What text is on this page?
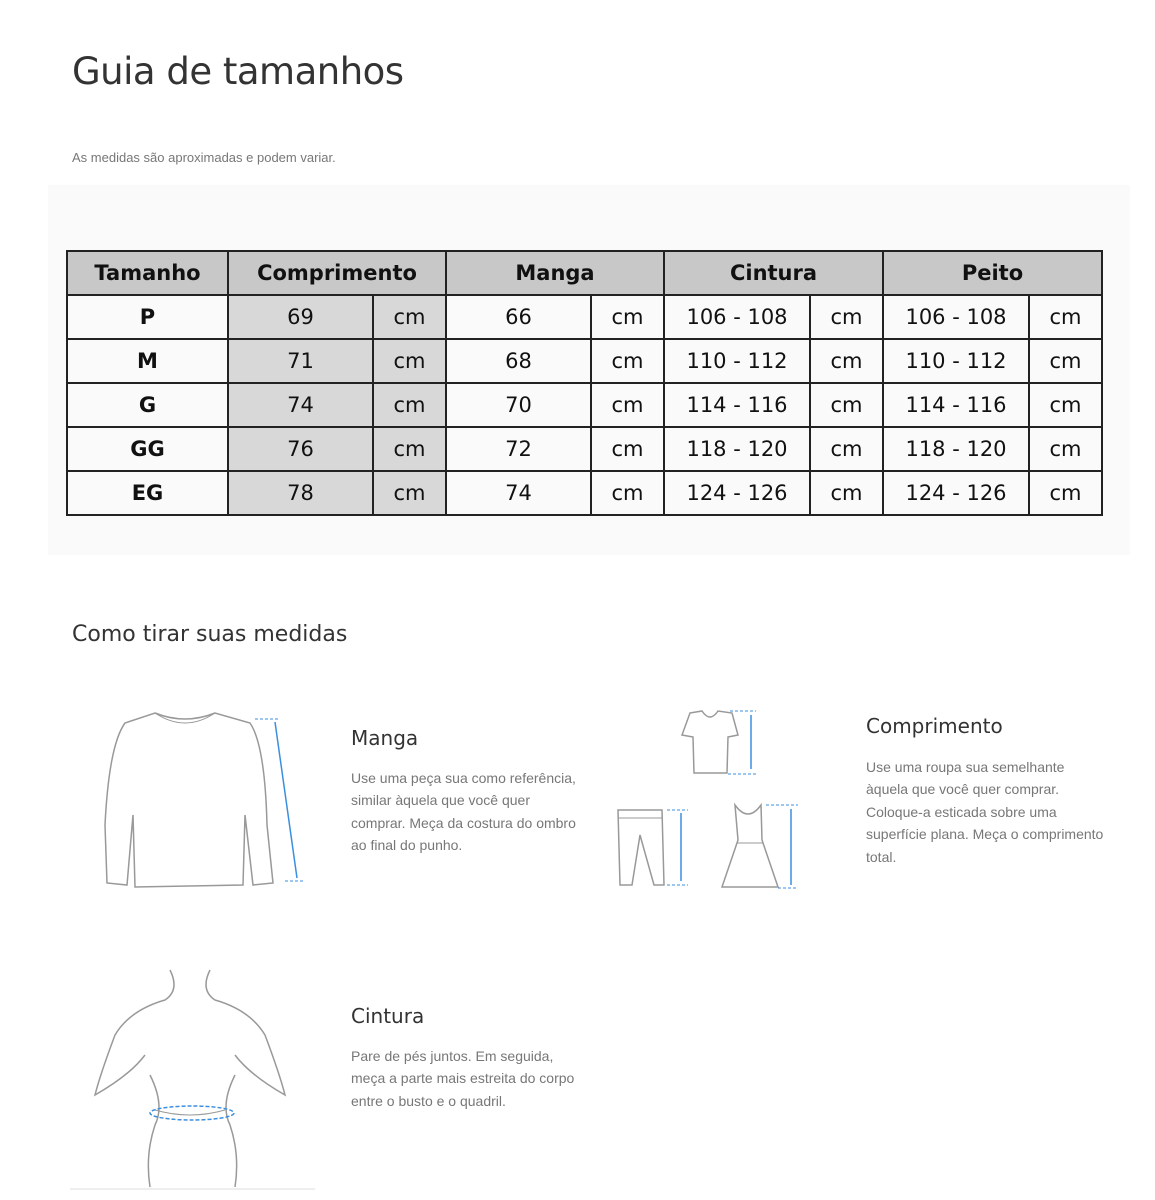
Guia de tamanhos
As medidas são aproximadas e podem variar.
Tamanho	Comprimento		Manga		Cintura		Peito	
P	69	cm	66	cm	106 - 108	cm	106 - 108	cm
M	71	cm	68	cm	110 - 112	cm	110 - 112	cm
G	74	cm	70	cm	114 - 116	cm	114 - 116	cm
GG	76	cm	72	cm	118 - 120	cm	118 - 120	cm
EG	78	cm	74	cm	124 - 126	cm	124 - 126	cm
Como tirar suas medidas
Manga
Use uma peça sua como referência, similar àquela que você quer comprar. Meça da costura do ombro ao final do punho.
Comprimento
Use uma roupa sua semelhante àquela que você quer comprar. Coloque-a esticada sobre uma superfície plana. Meça o comprimento total.
Cintura
Pare de pés juntos. Em seguida, meça a parte mais estreita do corpo entre o busto e o quadril.
